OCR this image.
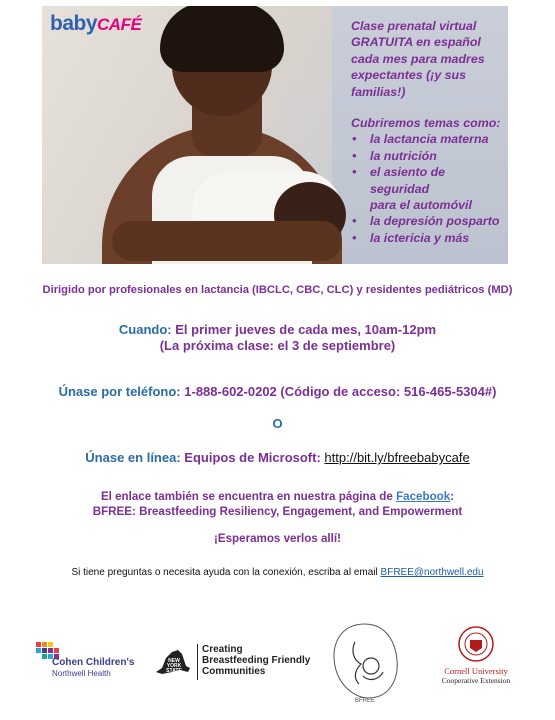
babyCAFÉ	Clase prenatal virtual
GRATUITA en español
cada mes para madres
expectantes (¡y sus
familias!)
Cubriremos temas como:
• la lactancia materna
• la nutrición
• el asiento de seguridad
para el automóvil
• la depresión posparto
• la ictericia y más
Dirigido por profesionales en lactancia (IBCLC, CBC, CLC) y residentes pediátricos (MD)
Cuando: El primer jueves de cada mes, 10am-12pm
(La próxima clase: el 3 de septiembre)
Únase por teléfono: 1-888-602-0202 (Código de acceso: 516-465-5304#)
O
Únase en línea: Equipos de Microsoft: http://bit.ly/bfreebabycafe
El enlace también se encuentra en nuestra página de Facebook:
BFREE: Breastfeeding Resiliency, Engagement, and Empowerment
¡Esperamos verlos allí!
Si tiene preguntas o necesita ayuda con la conexión, escriba al email BFREE@northwell.edu
Cohen Children's
Northwell Health
NEW
YORK
STATE
Creating
Breastfeeding Friendly
Communities
BFREE
Cornell University
Cooperative Extension
